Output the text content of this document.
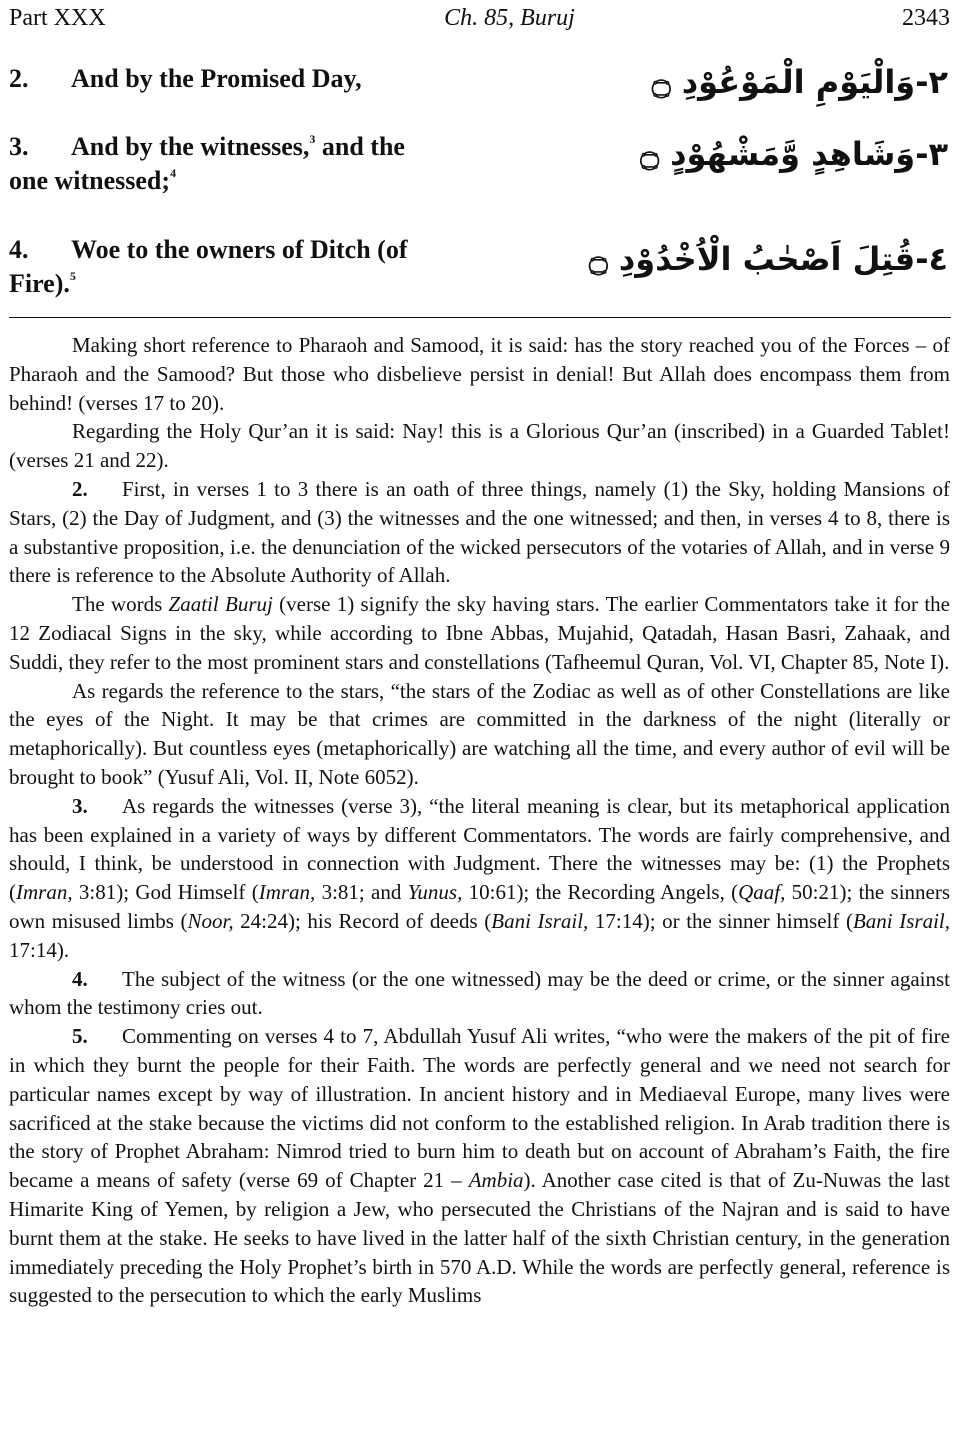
Part XXX	Ch. 85, Buruj	2343
2. And by the Promised Day,	٢-وَالْيَوْمِ الْمَوْعُوْدِ ۝
3. And by the witnesses,$^3$ and the one witnessed;$^4$	٣-وَشَاهِدٍ وَّمَشْهُوْدٍ ۝
4. Woe to the owners of Ditch (of Fire).$^5$	٤-قُتِلَ اَصْحٰبُ الْاُخْدُوْدِ ۝

Making short reference to Pharaoh and Samood, it is said: has the story reached you of the Forces – of Pharaoh and the Samood? But those who disbelieve persist in denial! But Allah does encompass them from behind! (verses 17 to 20).

Regarding the Holy Qur’an it is said: Nay! this is a Glorious Qur’an (inscribed) in a Guarded Tablet! (verses 21 and 22).

2. First, in verses 1 to 3 there is an oath of three things, namely (1) the Sky, holding Mansions of Stars, (2) the Day of Judgment, and (3) the witnesses and the one witnessed; and then, in verses 4 to 8, there is a substantive proposition, i.e. the denunciation of the wicked persecutors of the votaries of Allah, and in verse 9 there is reference to the Absolute Authority of Allah.

The words Zaatil Buruj (verse 1) signify the sky having stars. The earlier Commentators take it for the 12 Zodiacal Signs in the sky, while according to Ibne Abbas, Mujahid, Qatadah, Hasan Basri, Zahaak, and Suddi, they refer to the most prominent stars and constellations (Tafheemul Quran, Vol. VI, Chapter 85, Note I).

As regards the reference to the stars, “the stars of the Zodiac as well as of other Constellations are like the eyes of the Night. It may be that crimes are committed in the darkness of the night (literally or metaphorically). But countless eyes (metaphorically) are watching all the time, and every author of evil will be brought to book” (Yusuf Ali, Vol. II, Note 6052).

3. As regards the witnesses (verse 3), “the literal meaning is clear, but its metaphorical application has been explained in a variety of ways by different Commentators. The words are fairly comprehensive, and should, I think, be understood in connection with Judgment. There the witnesses may be: (1) the Prophets (Imran, 3:81); God Himself (Imran, 3:81; and Yunus, 10:61); the Recording Angels, (Qaaf, 50:21); the sinners own misused limbs (Noor, 24:24); his Record of deeds (Bani Israil, 17:14); or the sinner himself (Bani Israil, 17:14).

4. The subject of the witness (or the one witnessed) may be the deed or crime, or the sinner against whom the testimony cries out.

5. Commenting on verses 4 to 7, Abdullah Yusuf Ali writes, “who were the makers of the pit of fire in which they burnt the people for their Faith. The words are perfectly general and we need not search for particular names except by way of illustration. In ancient history and in Mediaeval Europe, many lives were sacrificed at the stake because the victims did not conform to the established religion. In Arab tradition there is the story of Prophet Abraham: Nimrod tried to burn him to death but on account of Abraham’s Faith, the fire became a means of safety (verse 69 of Chapter 21 – Ambia). Another case cited is that of Zu-Nuwas the last Himarite King of Yemen, by religion a Jew, who persecuted the Christians of the Najran and is said to have burnt them at the stake. He seeks to have lived in the latter half of the sixth Christian century, in the generation immediately preceding the Holy Prophet’s birth in 570 A.D. While the words are perfectly general, reference is suggested to the persecution to which the early Muslims
